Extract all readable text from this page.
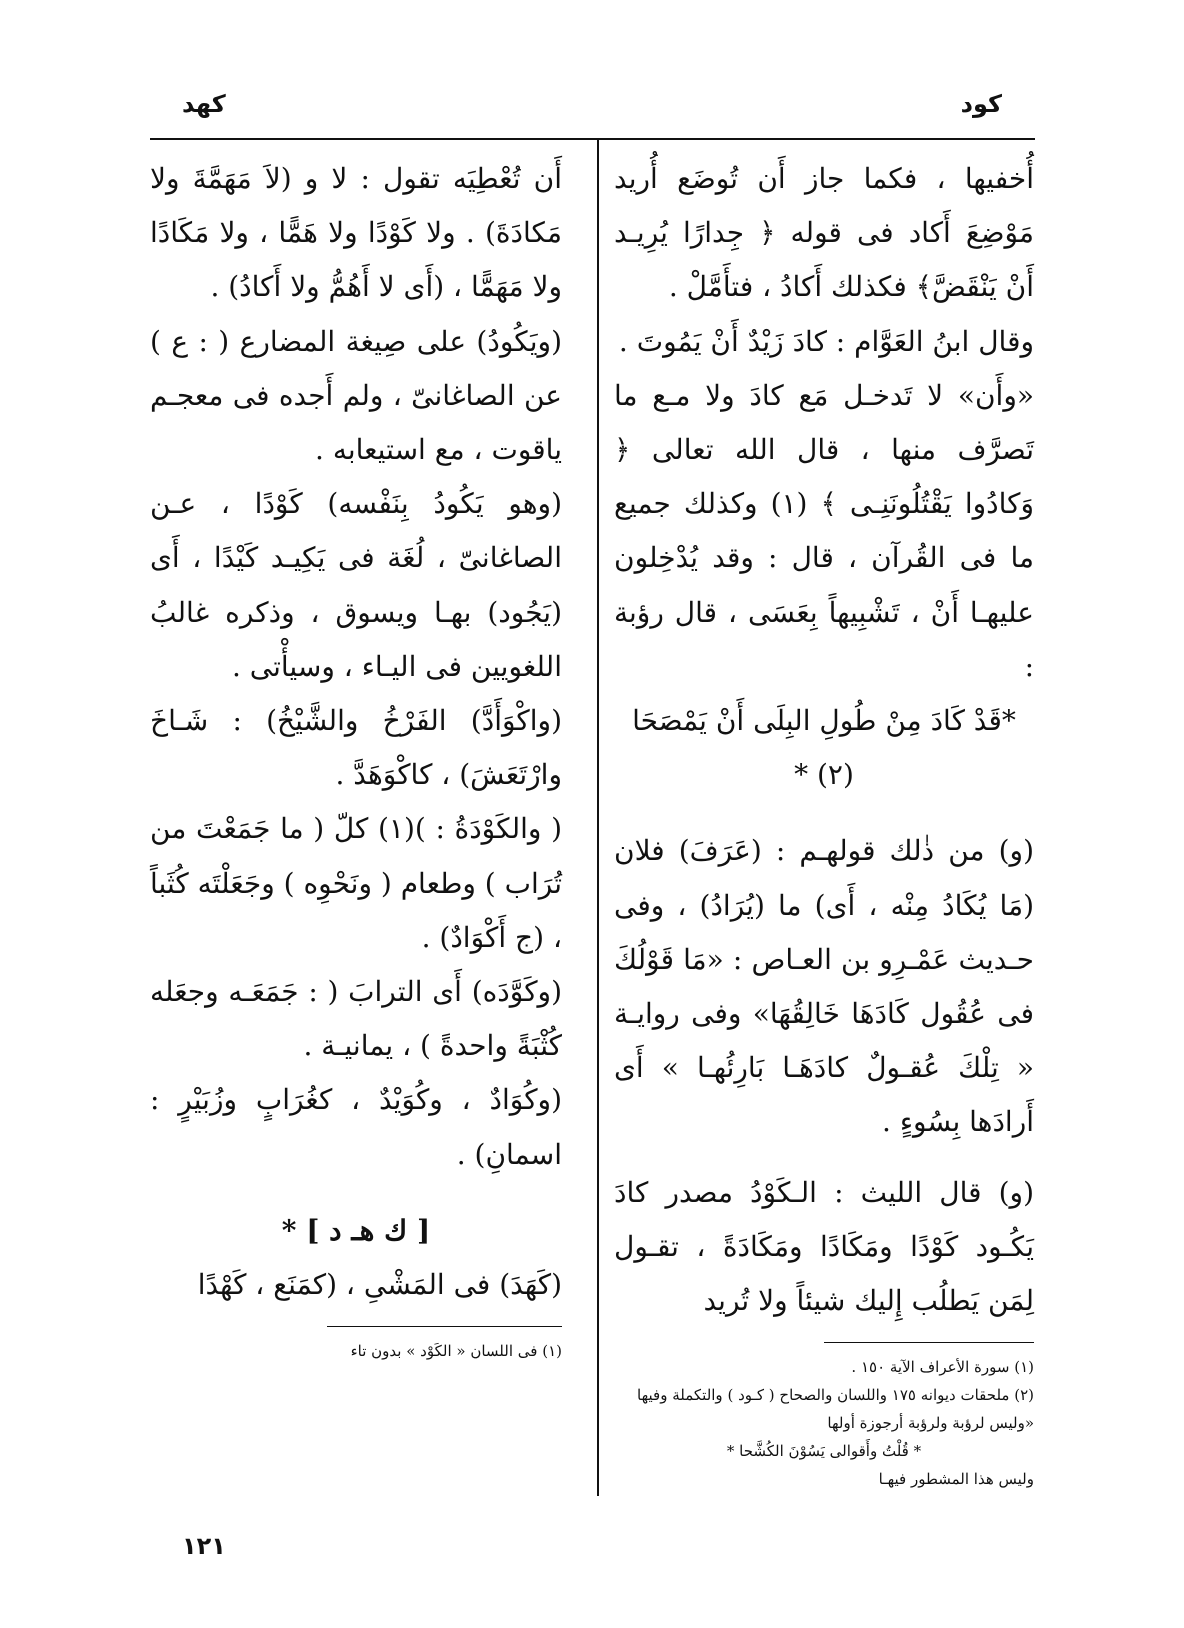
كود
كهد

أُخفيها ، فكما جاز أَن تُوضَع أُريد مَوْضِعَ أَكاد فى قوله ﴿ جِدارًا يُرِيـد أَنْ يَنْقَضَّ﴾ فكذلك أَكادُ ، فتأَمَّلْ .

وقال ابنُ العَوَّام : كادَ زَيْدٌ أَنْ يَمُوتَ .

«وأَن» لا تَدخـل مَع كادَ ولا مـع ما تَصرَّف منها ، قال الله تعالى ﴿ وَكادُوا يَقْتُلُونَنِـى ﴾ (١) وكذلك جميع ما فى القُرآن ، قال : وقد يُدْخِلون عليهـا أَنْ ، تَشْبِيهاً بِعَسَى ، قال رؤبة :

*قَدْ كَادَ مِنْ طُولِ البِلَى أَنْ يَمْصَحَا (٢) *

(و) من ذٰلك قولهـم : (عَرَفَ) فلان (مَا يُكَادُ مِنْه ، أَى) ما (يُرَادُ) ، وفى حـديث عَمْـرِو بن العـاص : «مَا قَوْلُكَ فى عُقُول كَادَهَا خَالِقُهَا» وفى روايـة « تِلْكَ عُقـولٌ كادَهَـا بَارِئُهـا » أَى أَرادَها بِسُوءٍ .

(و) قال الليث : الـكَوْدُ مصدر كادَ يَكُـود كَوْدًا ومَكَادًا ومَكَادَةً ، تقـول لِمَن يَطلُب إِليك شيئاً ولا تُريد

(١) سورة الأعراف الآية ١٥٠ .

(٢) ملحقات ديوانه ١٧٥ واللسان والصحاح ( كـود ) والتكملة وفيها «وليس لرؤبة ولرؤبة أرجوزة أولها

* قُلْتُ وأَقوالى يَسُوْنَ الكُشَّحا *

وليس هذا المشطور فيهـا

أَن تُعْطِيَه تقول : لا و (لاَ مَهَمَّةَ ولا مَكادَةَ) . ولا كَوْدًا ولا هَمًّا ، ولا مَكَادًا ولا مَهَمًّا ، (أَى لا أَهُمُّ ولا أَكادُ) .

(ويَكُودُ) على صِيغة المضارع ( : ع ) عن الصاغانىّ ، ولم أَجده فى معجـم ياقوت ، مع استيعابه .

(وهو يَكُودُ بِنَفْسه) كَوْدًا ، عـن الصاغانىّ ، لُغَة فى يَكِيـد كَيْدًا ، أَى (يَجُود) بهـا ويسوق ، وذكره غالبُ اللغويين فى اليـاء ، وسيأْتى .

(واكْوَأَدَّ) الفَرْخُ والشَّيْخُ) : شَـاخَ وارْتَعَشَ) ، كاكْوَهَدَّ .

( والكَوْدَةُ : )(١) كلّ ( ما جَمَعْتَ من تُرَاب ) وطعام ( ونَحْوِه ) وجَعَلْتَه كُثَباً ، (ج أَكْوَادٌ) .

(وكَوَّدَه) أَى الترابَ ( : جَمَعَـه وجعَله كُثْبَةً واحدةً ) ، يمانيـة .

(وكُوَادٌ ، وكُوَيْدٌ ، كغُرَابٍ وزُبَيْرٍ : اسمانِ) .

[ ك هـ د ] *

(كَهَدَ) فى المَشْىِ ، (كمَنَع ، كَهْدًا

(١) فى اللسان « الكَوْد » بدون تاء

١٢١
